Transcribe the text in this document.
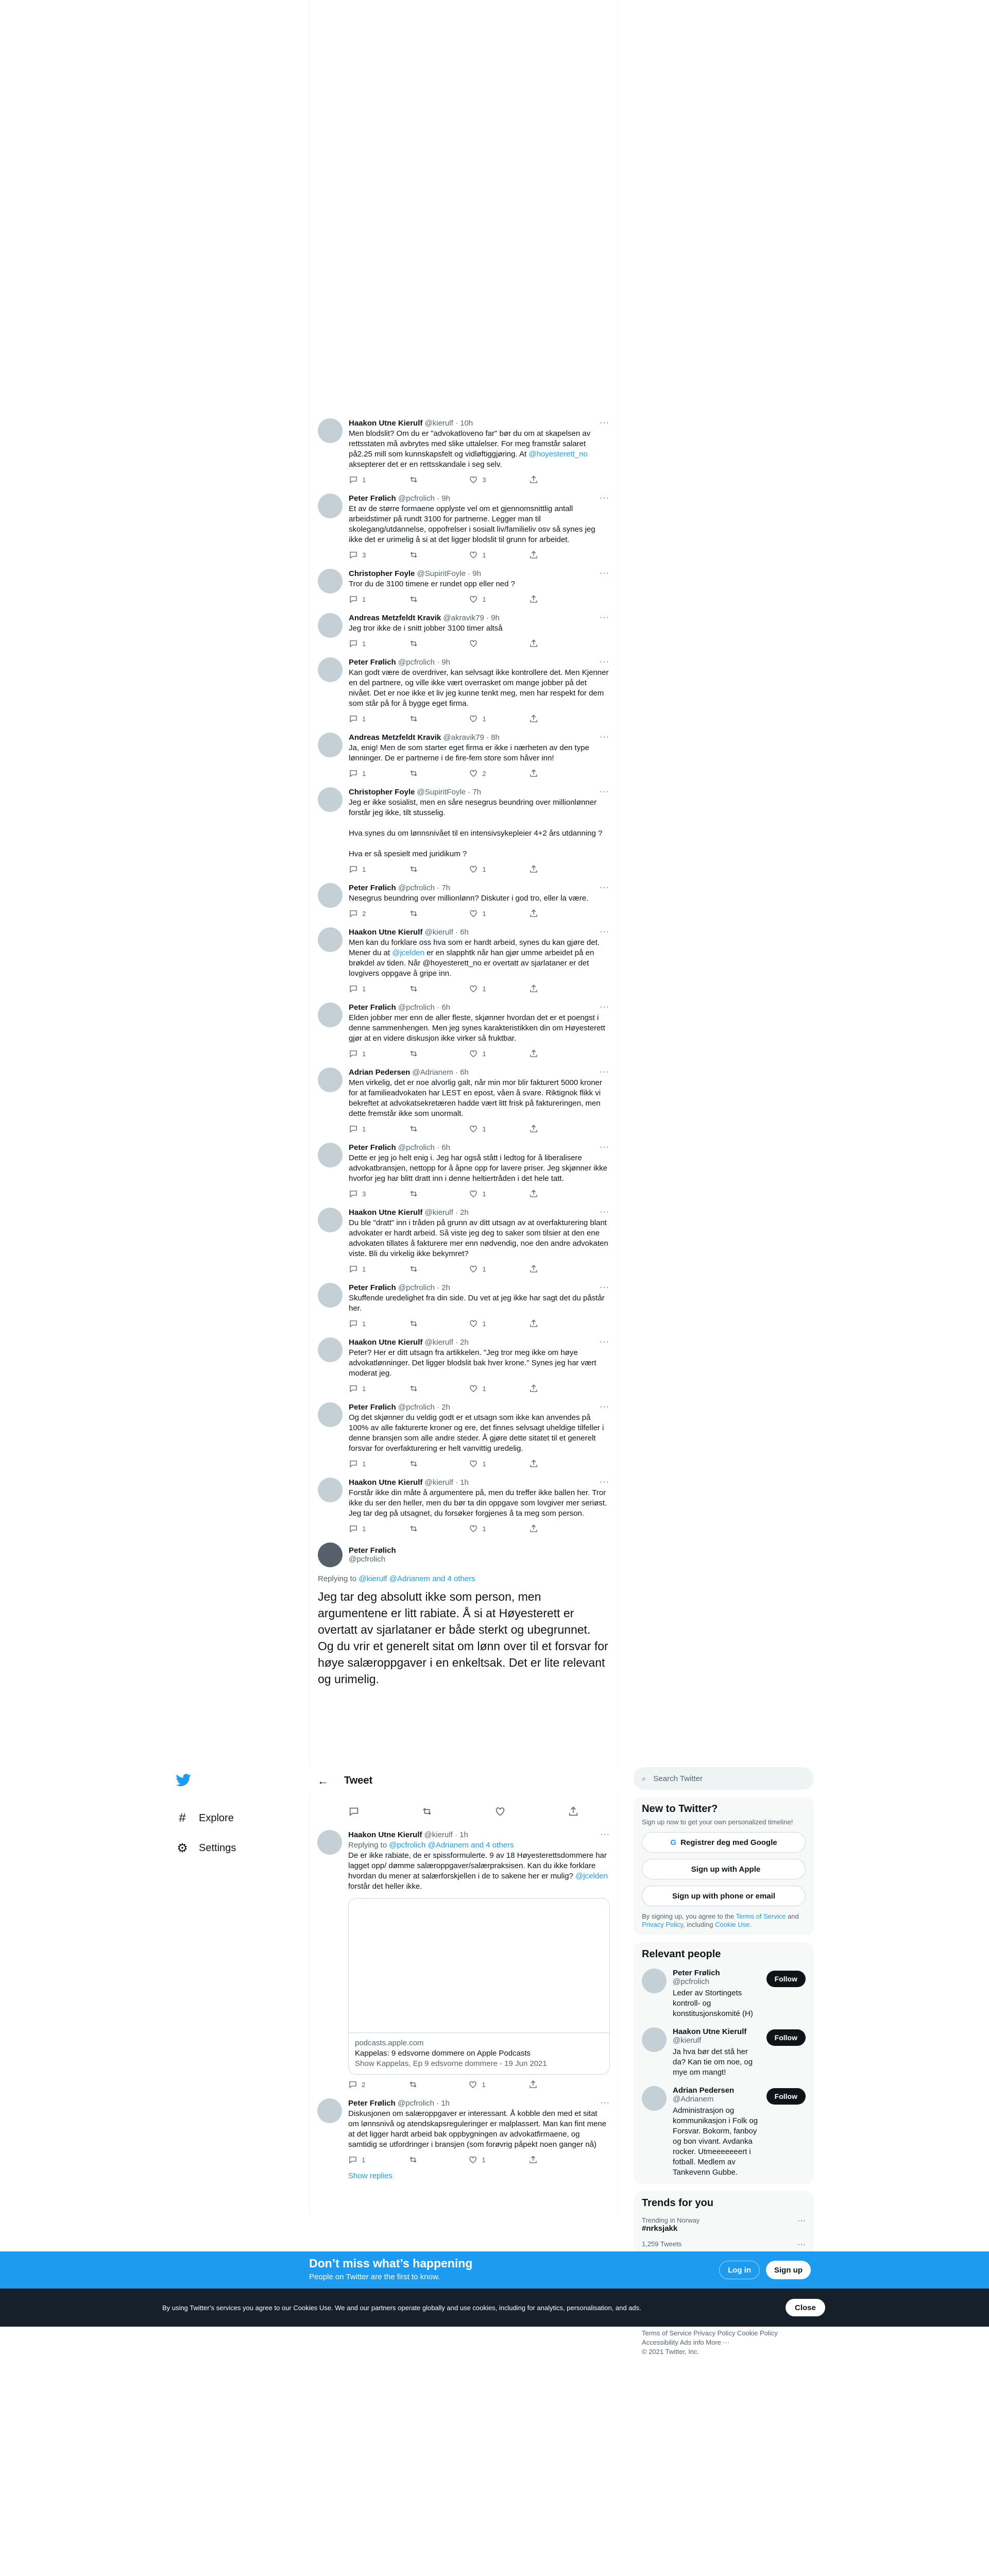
Haakon Utne Kierulf @kierulf · 10h
Men blodslit? Om du er "advokatloveno far" bør du om at skapelsen av rettsstaten må avbrytes med slike uttalelser. For meg framstår salaret på2.25 mill som kunnskapsfelt og vidløftiggjøring. At @hoyesterett_no aksepterer det er en rettsskandale i seg selv.
1	3
···
Peter Frølich @pcfrolich · 9h
Et av de større formaene opplyste vel om et gjennomsnittlig antall arbeidstimer på rundt 3100 for partnerne. Legger man til skolegang/utdannelse, oppofrelser i sosialt liv/familieliv osv så synes jeg ikke det er urimelig å si at det ligger blodslit til grunn for arbeidet.
3	1
···
Christopher Foyle @SupiritFoyle · 9h
Tror du de 3100 timene er rundet opp eller ned ?
1	1
···
Andreas Metzfeldt Kravik @akravik79 · 9h
Jeg tror ikke de i snitt jobber 3100 timer altså
1
···
Peter Frølich @pcfrolich · 9h
Kan godt være de overdriver, kan selvsagt ikke kontrollere det. Men Kjenner en del partnere, og ville ikke vært overrasket om mange jobber på det nivået. Det er noe ikke et liv jeg kunne tenkt meg, men har respekt for dem som står på for å bygge eget firma.
1	1
···
Andreas Metzfeldt Kravik @akravik79 · 8h
Ja, enig! Men de som starter eget firma er ikke i nærheten av den type lønninger. De er partnerne i de fire-fem store som håver inn!
1	2
···
Christopher Foyle @SupiritFoyle · 7h
Jeg er ikke sosialist, men en såre nesegrus beundring over millionlønner forstår jeg ikke, tilt stusselig.

Hva synes du om lønnsnivået til en intensivsykepleier 4+2 års utdanning ?

Hva er så spesielt med juridikum ?
1	1
···
Peter Frølich @pcfrolich · 7h
Nesegrus beundring over millionlønn? Diskuter i god tro, eller la være.
2	1
···
Haakon Utne Kierulf @kierulf · 6h
Men kan du forklare oss hva som er hardt arbeid, synes du kan gjøre det. Mener du at @jcelden er en slapphtk når han gjør umme arbeidet på en brøkdel av tiden. Når @hoyesterett_no er overtatt av sjarlataner er det lovgivers oppgave å gripe inn.
1	1
···
Peter Frølich @pcfrolich · 6h
Elden jobber mer enn de aller fleste, skjønner hvordan det er et poengst i denne sammenhengen. Men jeg synes karakteristikken din om Høyesterett gjør at en videre diskusjon ikke virker så fruktbar.
1	1
···
Adrian Pedersen @Adrianem · 6h
Men virkelig, det er noe alvorlig galt, når min mor blir fakturert 5000 kroner for at familieadvokaten har LEST en epost, våen å svare. Riktignok flikk vi bekreftet at advokatsekretæren hadde vært litt frisk på faktureringen, men dette fremstår ikke som unormalt.
1	1
···
Peter Frølich @pcfrolich · 6h
Dette er jeg jo helt enig i. Jeg har også stått i ledtog for å liberalisere advokatbransjen, nettopp for å åpne opp for lavere priser. Jeg skjønner ikke hvorfor jeg har blitt dratt inn i denne heltiertråden i det hele tatt.
3	1
···
Haakon Utne Kierulf @kierulf · 2h
Du ble "dratt" inn i tråden på grunn av ditt utsagn av at overfakturering blant advokater er hardt arbeid. Så viste jeg deg to saker som tilsier at den ene advokaten tillates å fakturere mer enn nødvendig, noe den andre advokaten viste. Bli du virkelig ikke bekymret?
1	1
···
Peter Frølich @pcfrolich · 2h
Skuffende uredelighet fra din side. Du vet at jeg ikke har sagt det du påstår her.
1	1
···
Haakon Utne Kierulf @kierulf · 2h
Peter? Her er ditt utsagn fra artikkelen. "Jeg tror meg ikke om høye advokatlønninger. Det ligger blodslit bak hver krone." Synes jeg har vært moderat jeg.
1	1
···
Peter Frølich @pcfrolich · 2h
Og det skjønner du veldig godt er et utsagn som ikke kan anvendes på 100% av alle fakturerte kroner og ere, det finnes selvsagt uheldige tilfeller i denne bransjen som alle andre steder. Å gjøre dette sitatet til et generelt forsvar for overfakturering er helt vanvittig uredelig.
1	1
···
Haakon Utne Kierulf @kierulf · 1h
Forstår ikke din måte å argumentere på, men du treffer ikke ballen her. Tror ikke du ser den heller, men du bør ta din oppgave som lovgiver mer seriøst. Jeg tar deg på utsagnet, du forsøker forgjenes å ta meg som person.
1	1
···
Peter Frølich
@pcfrolich
Replying to @kierulf @Adrianem and 4 others
Jeg tar deg absolutt ikke som person, men argumentene er litt rabiate. Å si at Høyesterett er overtatt av sjarlataner er både sterkt og ubegrunnet. Og du vrir et generelt sitat om lønn over til et forsvar for høye salæroppgaver i en enkeltsak. Det er lite relevant og urimelig.
← Tweet
Haakon Utne Kierulf @kierulf · 1h
Replying to @pcfrolich @Adrianem and 4 others
De er ikke rabiate, de er spissformulerte. 9 av 18 Høyesterettsdommere har lagget opp/ dømme salæroppgaver/salærpraksisen. Kan du ikke forklare hvordan du mener at salærforskjellen i de to sakene her er mulig? @jcelden forstår det heller ikke.
podcasts.apple.com
Kappelas: 9 edsvorne dommere on Apple Podcasts
Show Kappelas, Ep 9 edsvorne dommere - 19 Jun 2021
2	1
···
Peter Frølich @pcfrolich · 1h
Diskusjonen om salæroppgaver er interessant. Å kobble den med et sitat om lønnsnivå og atendskapsreguleringer er malplassert. Man kan fint mene at det ligger hardt arbeid bak oppbygningen av advokatfirmaene, og samtidig se utfordringer i bransjen (som forøvrig påpekt noen ganger nå)
1	1
···
Show replies
#	Explore
⚙ Settings
⌕ Search Twitter
New to Twitter?
Sign up now to get your own personalized timeline!
G Registrer deg med Google
Sign up with Apple
Sign up with phone or email
By signing up, you agree to the Terms of Service and Privacy Policy, including Cookie Use.
Relevant people
Peter Frølich
@pcfrolich
Leder av Stortingets kontroll- og konstitusjonskomité (H)
Follow
Haakon Utne Kierulf
@kierulf
Ja hva bør det stå her da? Kan tie om noe, og mye om mangt!
Follow
Adrian Pedersen
@Adrianem
Administrasjon og kommunikasjon i Folk og Forsvar. Bokorm, fanboy og bon vivant. Avdanka rocker. Utmeeeeeeert i fotball. Medlem av Tankevenn Gubbe.
Follow
Trends for you
Trending in Norway
#nrksjakk
···
1,259 Tweets	···
Terms of Service Privacy Policy Cookie Policy
Accessibility Ads info More ···
© 2021 Twitter, Inc.
Don’t miss what’s happening
People on Twitter are the first to know.
Log in	Sign up
By using Twitter’s services you agree to our Cookies Use. We and our partners operate globally and use cookies, including for analytics, personalisation, and ads.	Close
